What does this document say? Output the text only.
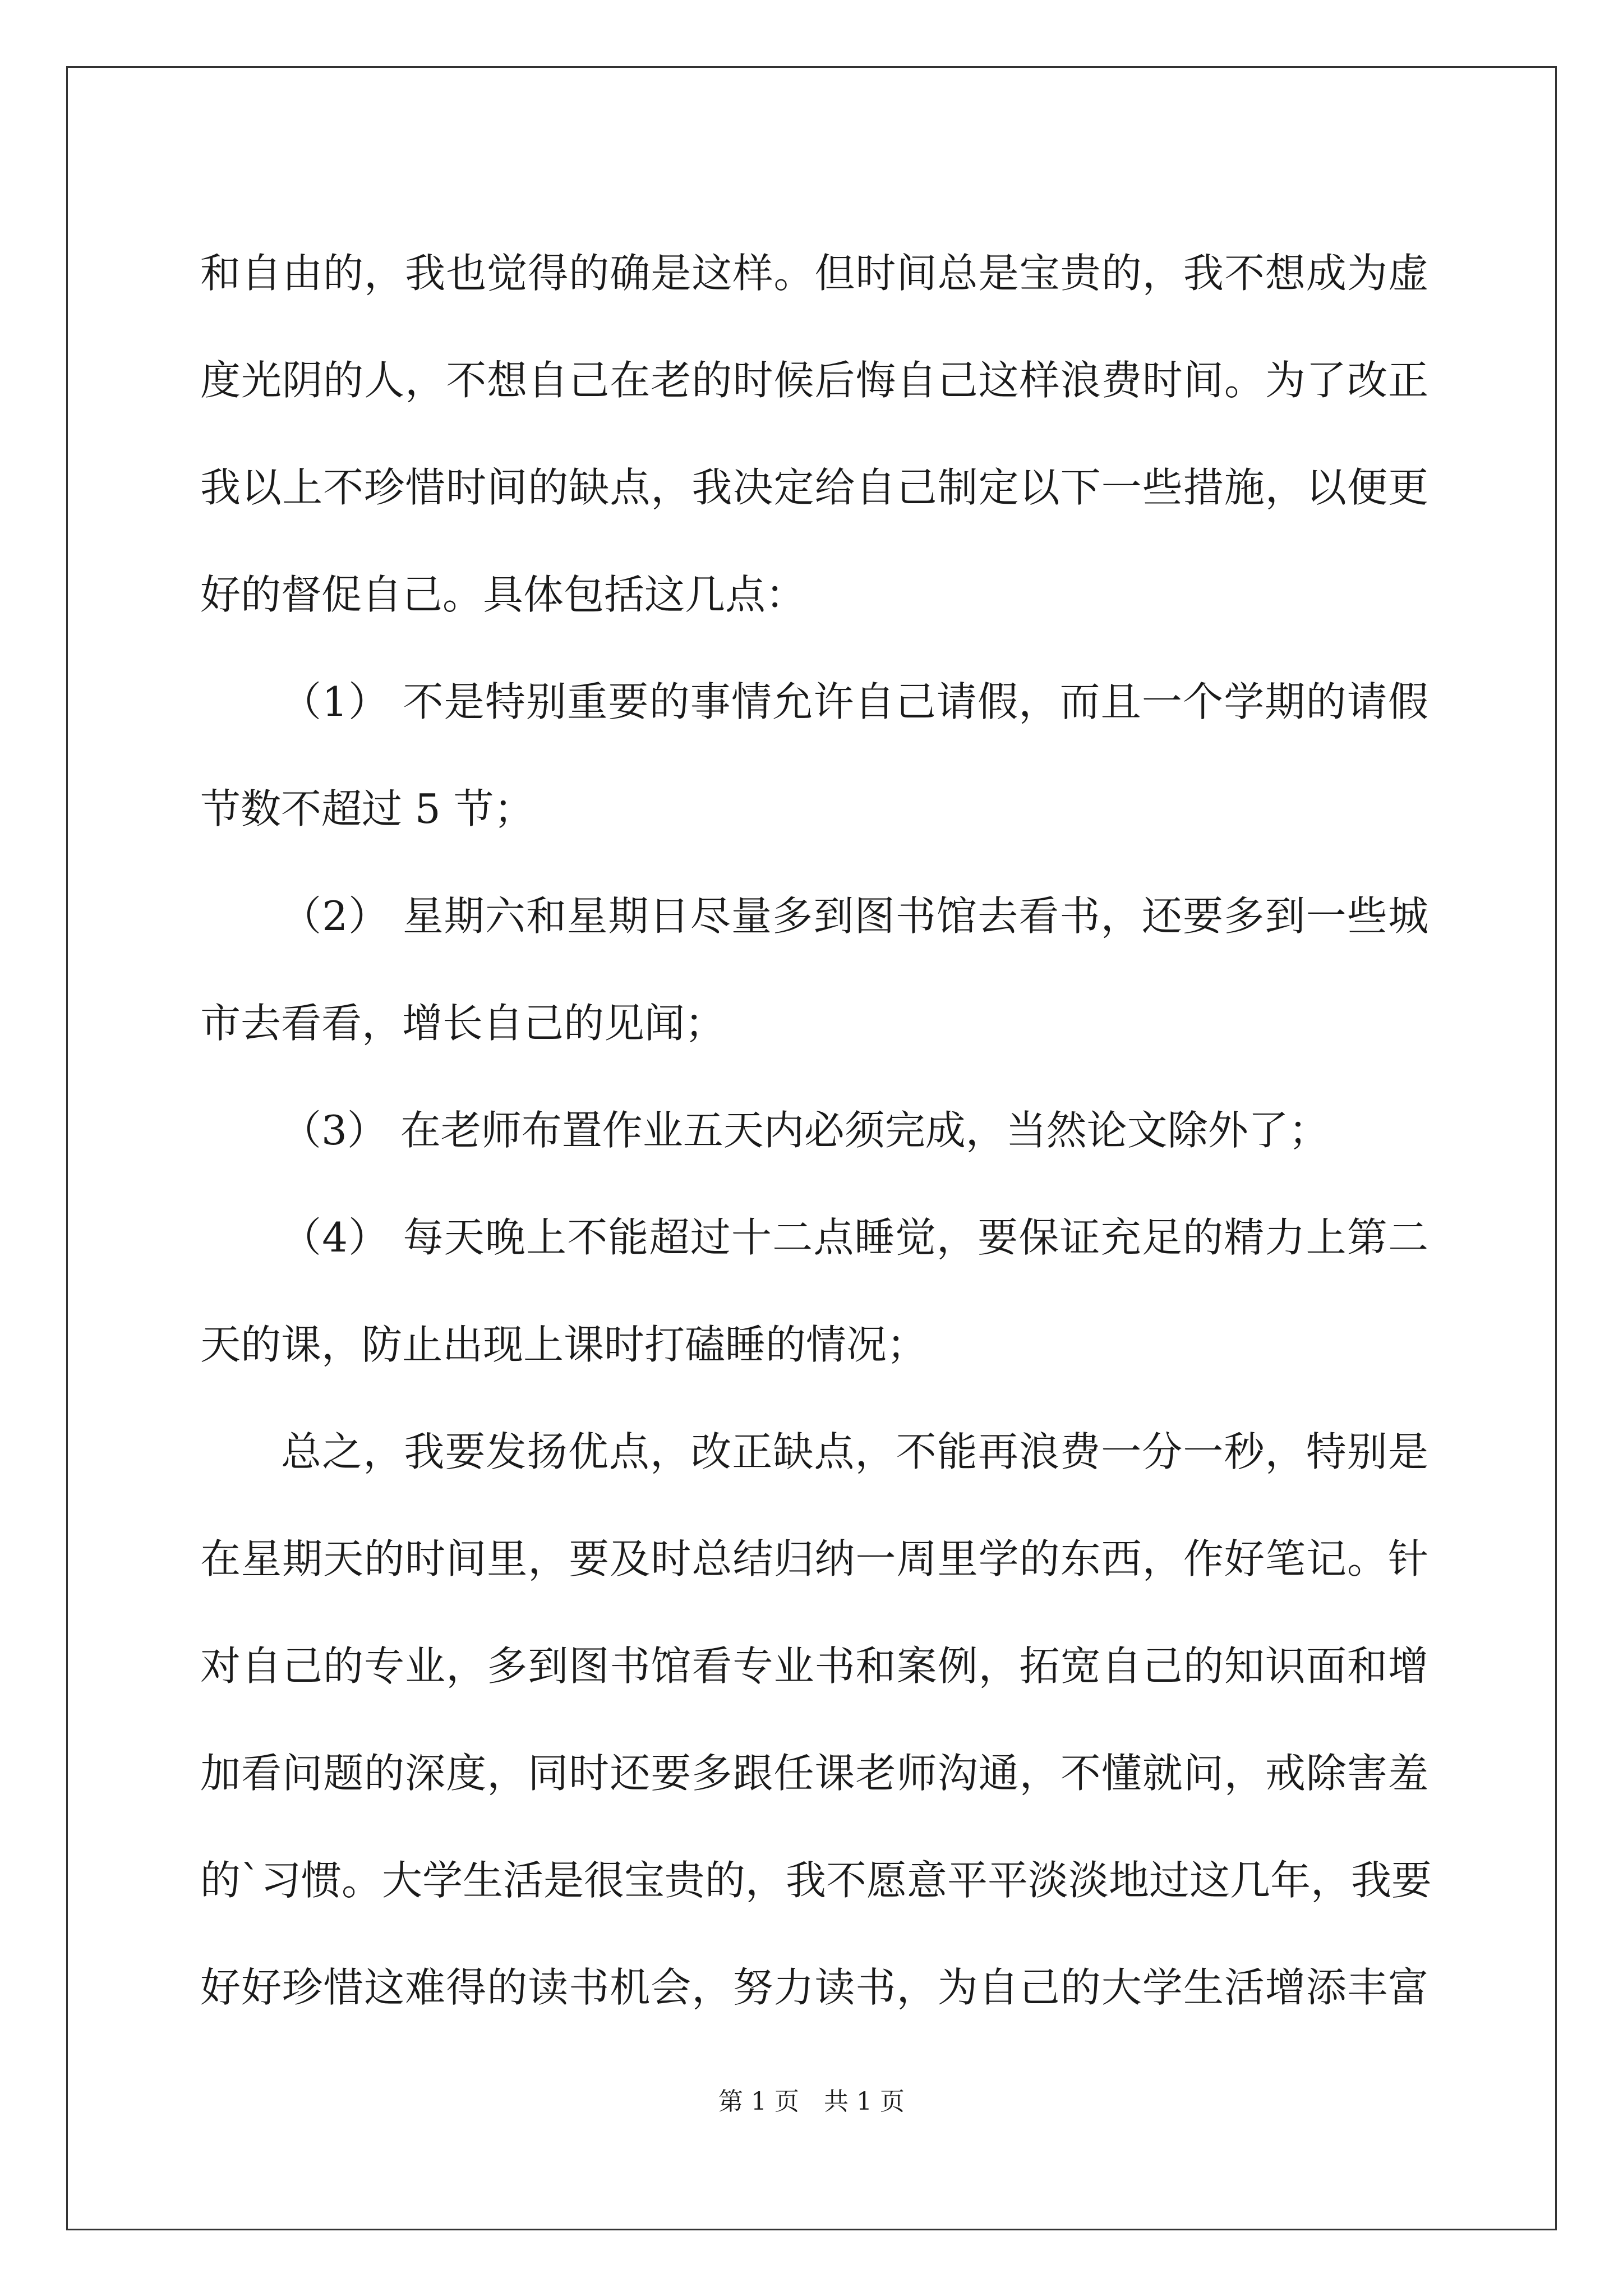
和自由的，我也觉得的确是这样。但时间总是宝贵的，我不想成为虚
度光阴的人，不想自己在老的时候后悔自己这样浪费时间。为了改正
我以上不珍惜时间的缺点，我决定给自己制定以下一些措施，以便更
好的督促自己。具体包括这几点：
（1） 不是特别重要的事情允许自己请假，而且一个学期的请假
节数不超过 5 节；
（2） 星期六和星期日尽量多到图书馆去看书，还要多到一些城
市去看看，增长自己的见闻；
（3） 在老师布置作业五天内必须完成，当然论文除外了；
（4） 每天晚上不能超过十二点睡觉，要保证充足的精力上第二
天的课，防止出现上课时打磕睡的情况；
总之，我要发扬优点，改正缺点，不能再浪费一分一秒，特别是
在星期天的时间里，要及时总结归纳一周里学的东西，作好笔记。针
对自己的专业，多到图书馆看专业书和案例，拓宽自己的知识面和增
加看问题的深度，同时还要多跟任课老师沟通，不懂就问，戒除害羞
的`习惯。大学生活是很宝贵的，我不愿意平平淡淡地过这几年，我要
好好珍惜这难得的读书机会，努力读书，为自己的大学生活增添丰富
第 1 页　共 1 页
